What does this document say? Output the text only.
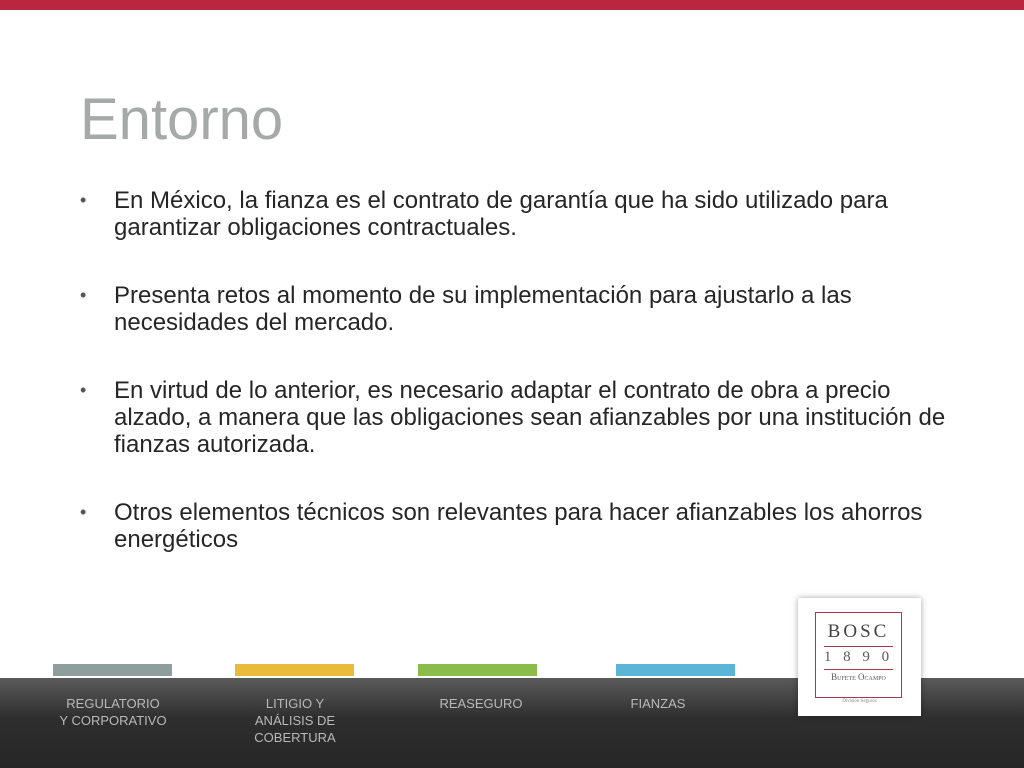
Entorno
• En México, la fianza es el contrato de garantía que ha sido utilizado para garantizar obligaciones contractuales.
• Presenta retos al momento de su implementación para ajustarlo a las necesidades del mercado.
• En virtud de lo anterior, es necesario adaptar el contrato de obra a precio alzado, a manera que las obligaciones sean afianzables por una institución de fianzas autorizada.
• Otros elementos técnicos son relevantes para hacer afianzables los ahorros energéticos
REGULATORIO
Y CORPORATIVO
LITIGIO Y
ANÁLISIS DE
COBERTURA
REASEGURO	FIANZAS
BOSC
1 8 9 0
Bufete Ocampo
División Seguros
